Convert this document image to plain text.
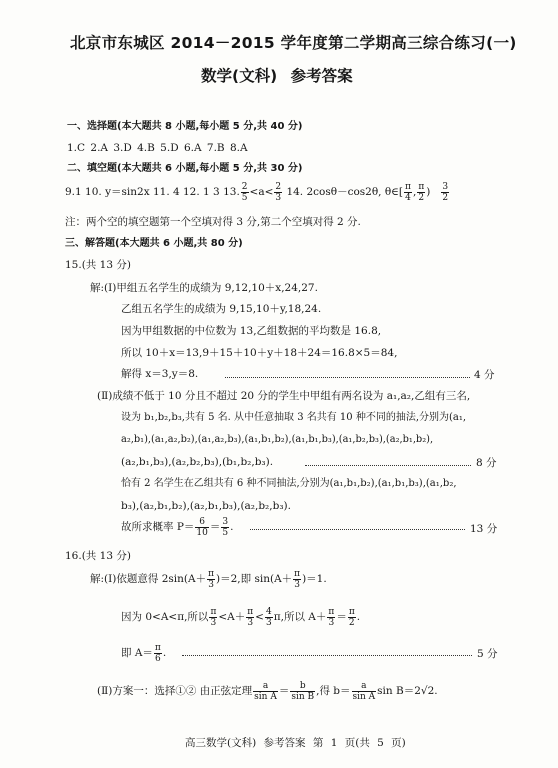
北京市东城区 2014－2015 学年度第二学期高三综合练习(一)
数学(文科) 参考答案
一、选择题(本大题共 8 小题,每小题 5 分,共 40 分)
1.C 2.A 3.D 4.B 5.D 6.A 7.B 8.A
二、填空题(本大题共 6 小题,每小题 5 分,共 30 分)
9.1 10. y＝sin2x 11. 4 12. 1 3 13. $\frac{2}{5} <a< \frac{2}{3} 14$. 2cosθ－cos2θ, θ∈[ $\frac{\pi}{4}$ , $\frac{\pi}{2}$ ) $\frac{3}{2}$
注：两个空的填空题第一个空填对得 3 分,第二个空填对得 2 分.
三、解答题(本大题共 6 小题,共 80 分)
15.(共 13 分)
解:(Ⅰ)甲组五名学生的成绩为 9,12,10＋x,24,27.
乙组五名学生的成绩为 9,15,10＋y,18,24.
因为甲组数据的中位数为 13,乙组数据的平均数是 16.8,
所以 10＋x＝13,9＋15＋10＋y＋18＋24＝16.8×5＝84,
解得 x＝3,y＝8.	4 分
(Ⅱ)成绩不低于 10 分且不超过 20 分的学生中甲组有两名设为 a₁,a₂,乙组有三名,
设为 b₁,b₂,b₃,共有 5 名. 从中任意抽取 3 名共有 10 种不同的抽法,分别为(a₁,
a₂,b₁),(a₁,a₂,b₂),(a₁,a₂,b₃),(a₁,b₁,b₂),(a₁,b₁,b₃),(a₁,b₂,b₃),(a₂,b₁,b₂),
(a₂,b₁,b₃),(a₂,b₂,b₃),(b₁,b₂,b₃).	8 分
恰有 2 名学生在乙组共有 6 种不同抽法,分别为(a₁,b₁,b₂),(a₁,b₁,b₃),(a₁,b₂,
b₃),(a₂,b₁,b₂),(a₂,b₁,b₃),(a₂,b₂,b₃).
故所求概率 $P= \frac{6}{10} = \frac{3}{5}$ .	13 分
16.(共 13 分)
解:(Ⅰ)依题意得 $2\sin(A+ \frac{\pi}{3} )=2$,即 $\sin(A+ \frac{\pi}{3} )=1$.
因为 0<A<π,所以 $\frac{\pi}{3} <A+ \frac{\pi}{3} < \frac{4}{3} \pi$,所以 $A+ \frac{\pi}{3} = \frac{\pi}{2}$ .
即 $A= \frac{\pi}{6}$ .	5 分
(Ⅱ)方案一：选择①② 由正弦定理 $\frac{a}{\text{sin A}} = \frac{b}{\text{sin B}}$ ,得 $b= \frac{a}{\text{sin A}}$ sin B＝2√2.
高三数学(文科) 参考答案 第 1 页(共 5 页)
